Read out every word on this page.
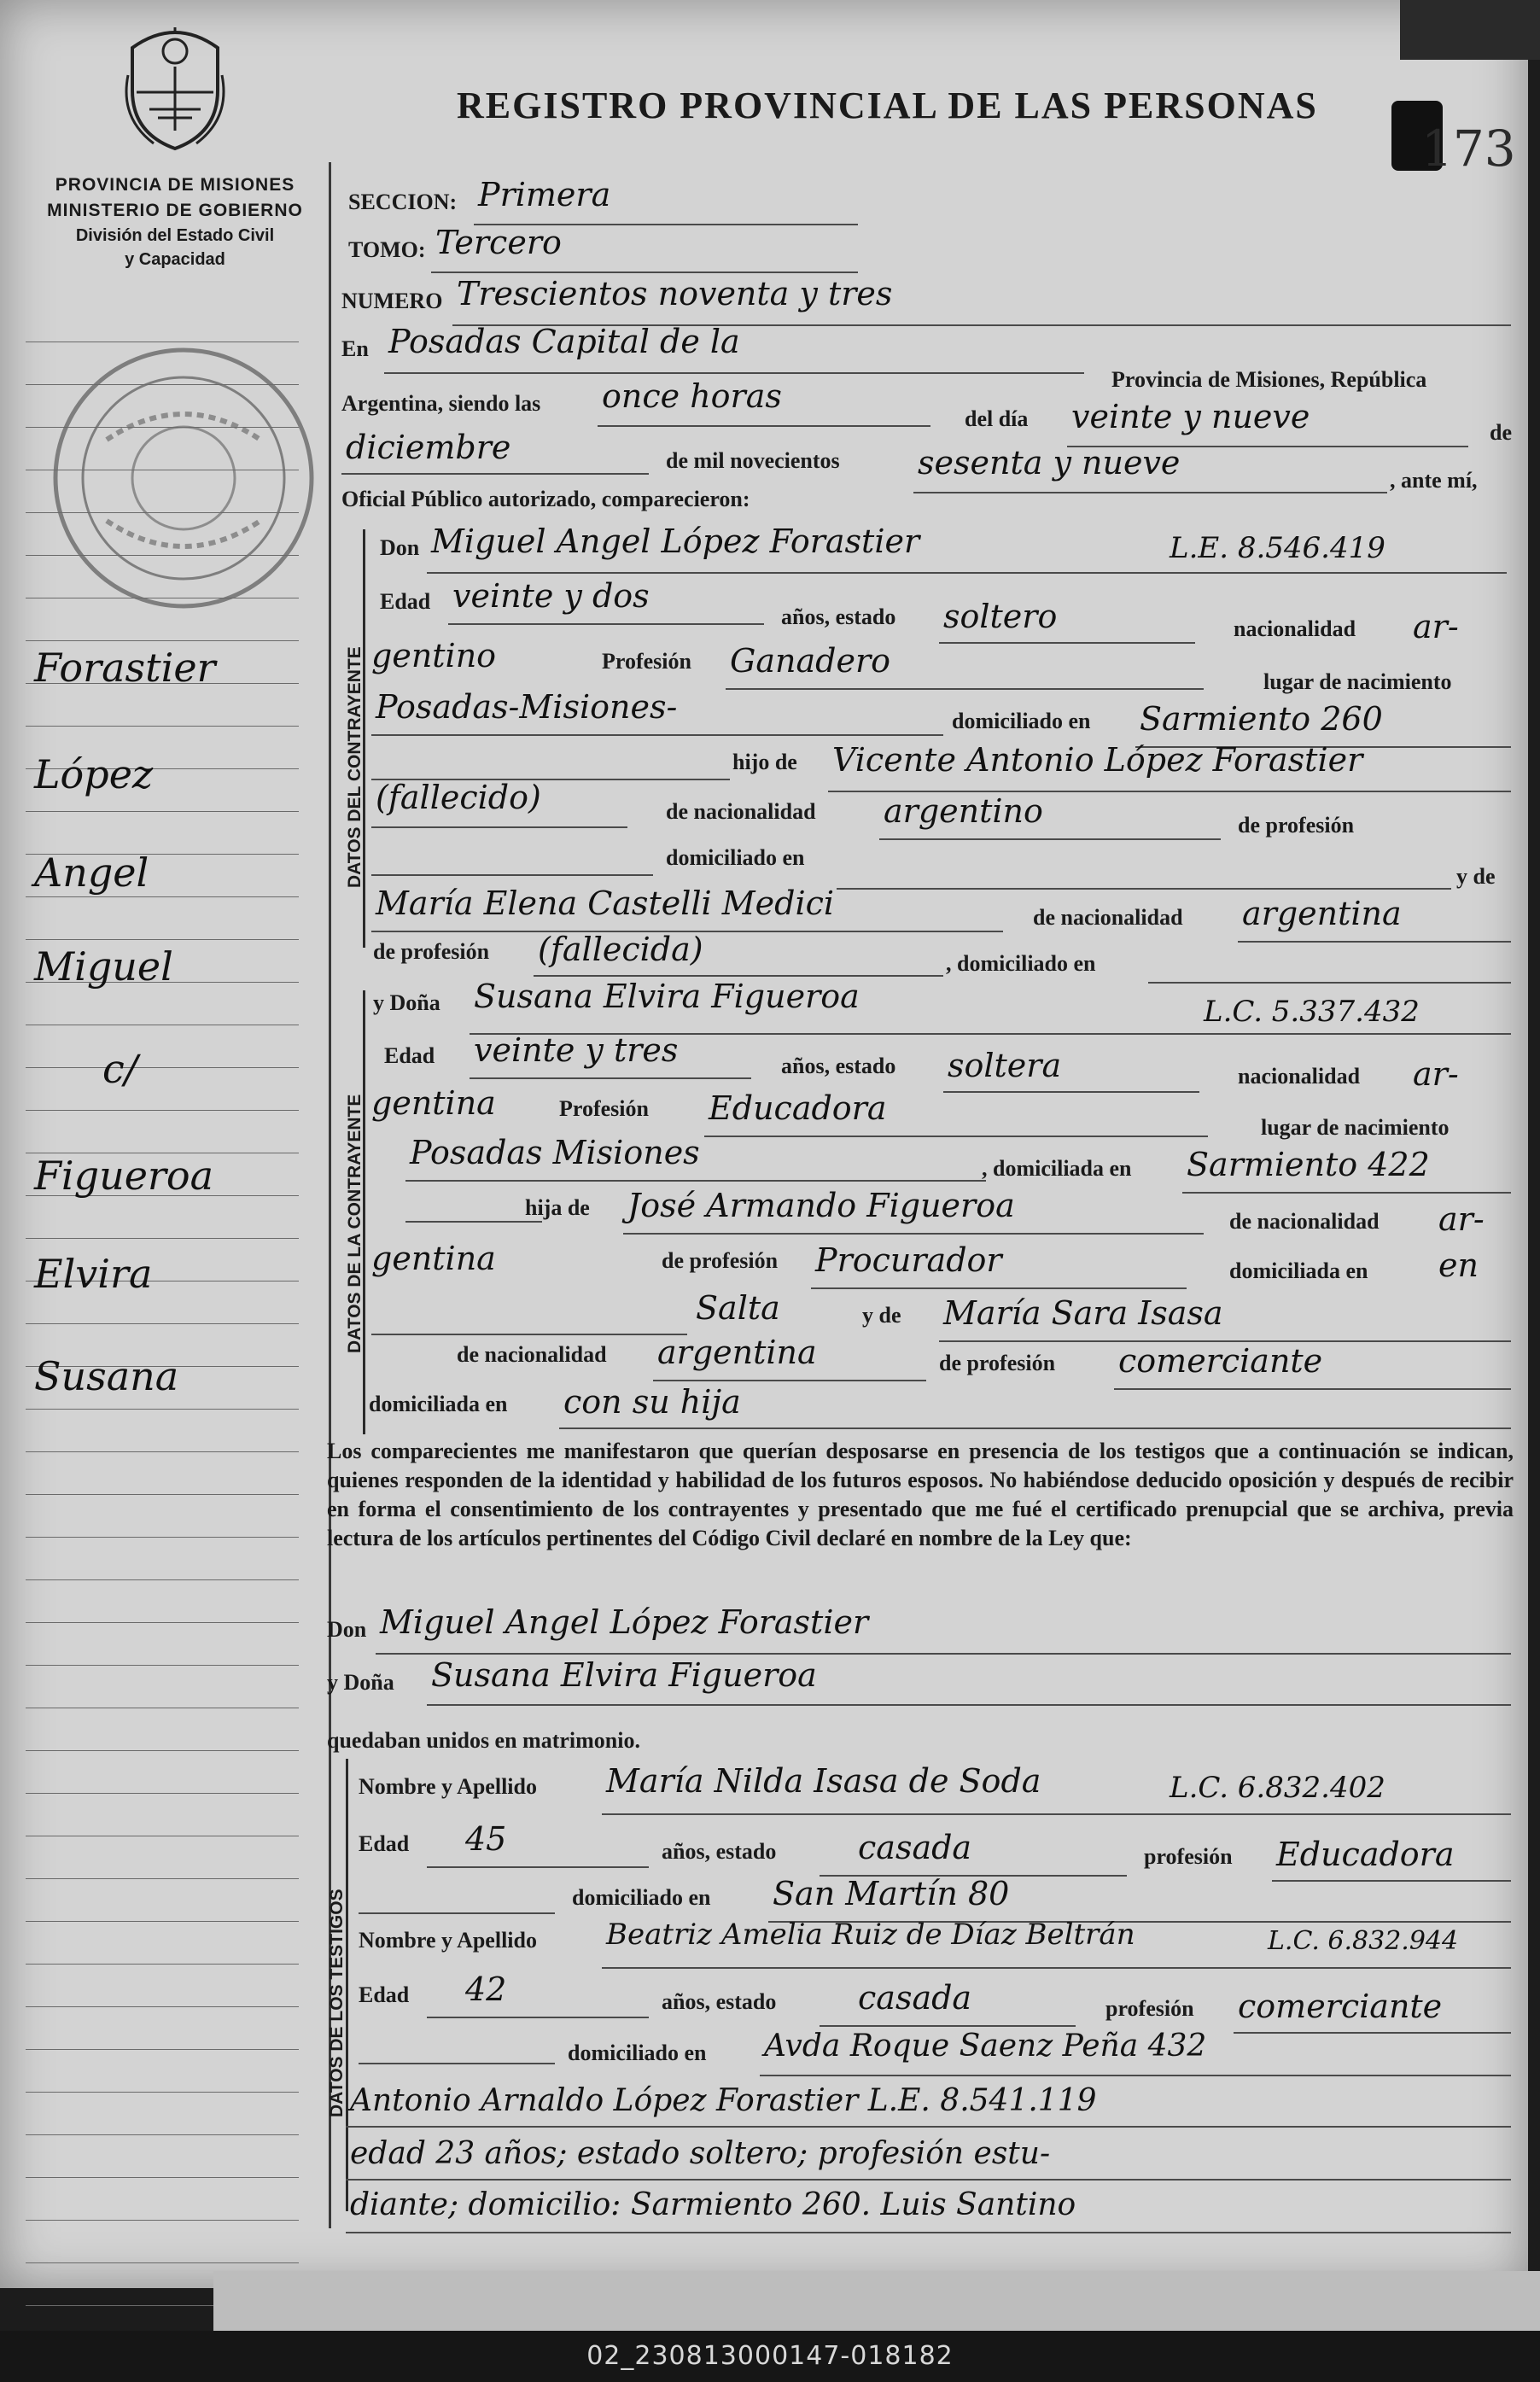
PROVINCIA DE MISIONES
MINISTERIO DE GOBIERNO
División del Estado Civil
y Capacidad
REGISTRO PROVINCIAL DE LAS PERSONAS
173
Forastier
López
Angel
Miguel
c/
Figueroa
Elvira
Susana
SECCION: Primera
TOMO: Tercero
NUMERO Trescientos noventa y tres
En Posadas Capital de la
Provincia de Misiones, República
Argentina, siendo las once horas
del día veinte y nueve	de
diciembre	de mil novecientos sesenta y nueve	, ante mí,
Oficial Público autorizado, comparecieron:
DATOS DEL CONTRAYENTE
Don Miguel Angel López Forastier	L.E. 8.546.419
Edad veinte y dos
años, estado soltero	nacionalidad ar-
gentino	Profesión Ganadero
lugar de nacimiento
Posadas-Misiones-	domiciliado en Sarmiento 260
hijo de Vicente Antonio López Forastier
(fallecido)	de nacionalidad argentino	de profesión
domiciliado en
y de
María Elena Castelli Medici	de nacionalidad argentina
de profesión (fallecida)	, domiciliado en
DATOS DE LA CONTRAYENTE
y Doña Susana Elvira Figueroa	L.C. 5.337.432
Edad veinte y tres	años, estado soltera	nacionalidad ar-
gentina	Profesión Educadora
lugar de nacimiento
Posadas Misiones	, domiciliada en Sarmiento 422
hija de José Armando Figueroa	de nacionalidad ar-
gentina	de profesión Procurador	domiciliada en en
Salta	y de María Sara Isasa
de nacionalidad argentina	de profesión comerciante
domiciliada en con su hija
Los comparecientes me manifestaron que querían desposarse en presencia de los testigos que a continuación se indican, quienes responden de la identidad y habilidad de los futuros esposos. No habiéndose deducido oposición y después de recibir en forma el consentimiento de los contrayentes y presentado que me fué el certificado prenupcial que se archiva, previa lectura de los artículos pertinentes del Código Civil declaré en nombre de la Ley que:
Don Miguel Angel López Forastier
y Doña Susana Elvira Figueroa
quedaban unidos en matrimonio.
DATOS DE LOS TESTIGOS
Nombre y Apellido María Nilda Isasa de Soda	L.C. 6.832.402
Edad 45	años, estado	casada	profesión Educadora
domiciliado en San Martín 80
Nombre y Apellido Beatriz Amelia Ruiz de Díaz Beltrán	L.C. 6.832.944
Edad 42	años, estado	casada	profesión comerciante
domiciliado en Avda Roque Saenz Peña 432
Antonio Arnaldo López Forastier L.E. 8.541.119
edad 23 años; estado soltero; profesión estu-
diante; domicilio: Sarmiento 260. Luis Santino
02_230813000147-018182
